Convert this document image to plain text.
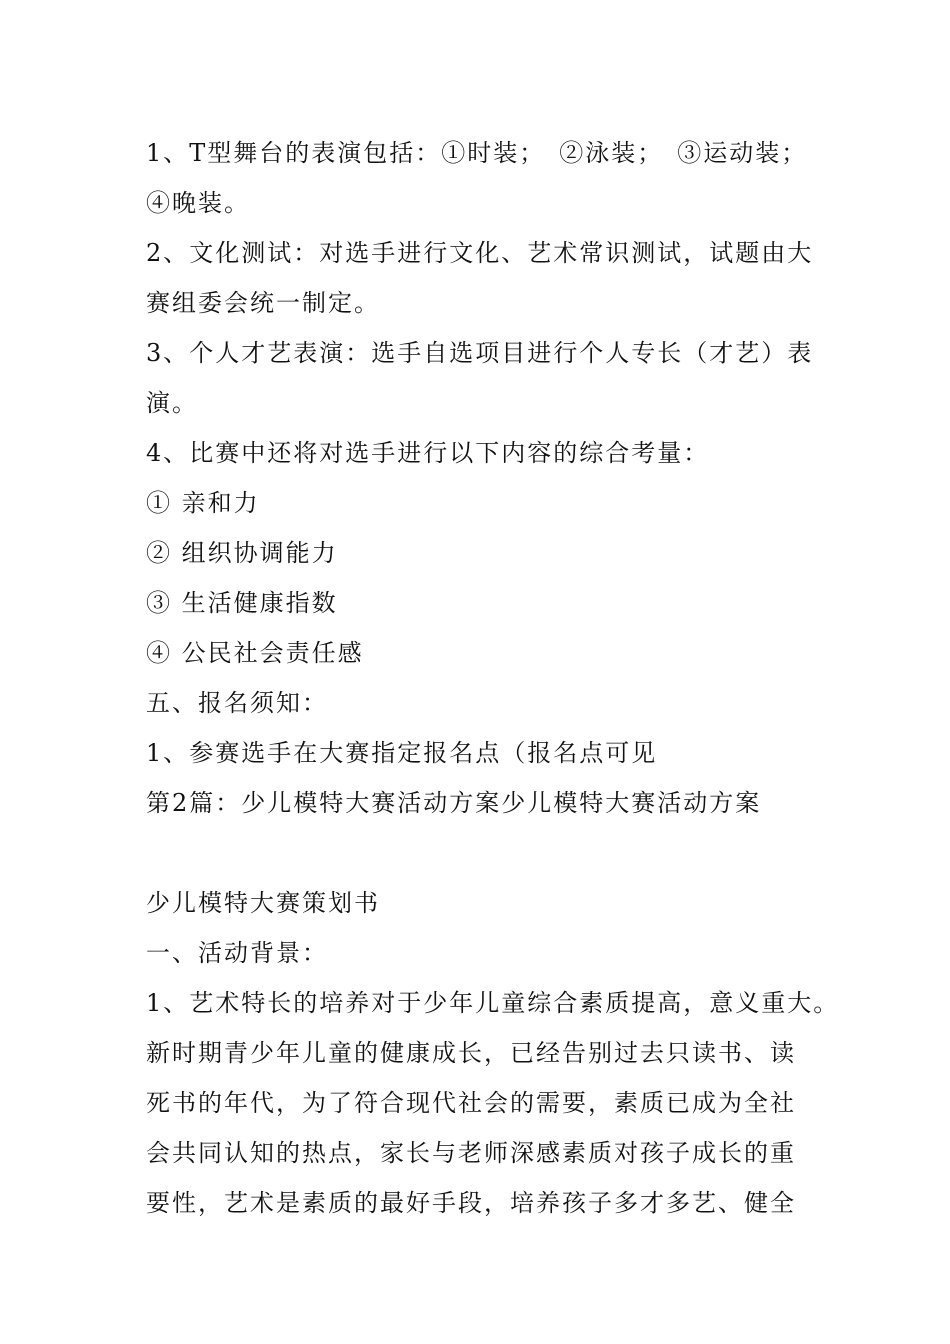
1、T型舞台的表演包括：①时装；　②泳装；　③运动装；
④晚装。
2、文化测试：对选手进行文化、艺术常识测试，试题由大
赛组委会统一制定。
3、个人才艺表演：选手自选项目进行个人专长（才艺）表
演。
4、比赛中还将对选手进行以下内容的综合考量：
① 亲和力
② 组织协调能力
③ 生活健康指数
④ 公民社会责任感
五、报名须知：
1、参赛选手在大赛指定报名点（报名点可见
第2篇：少儿模特大赛活动方案少儿模特大赛活动方案
少儿模特大赛策划书
一、活动背景：
1、艺术特长的培养对于少年儿童综合素质提高，意义重大。
新时期青少年儿童的健康成长，已经告别过去只读书、读
死书的年代，为了符合现代社会的需要，素质已成为全社
会共同认知的热点，家长与老师深感素质对孩子成长的重
要性，艺术是素质的最好手段，培养孩子多才多艺、健全
